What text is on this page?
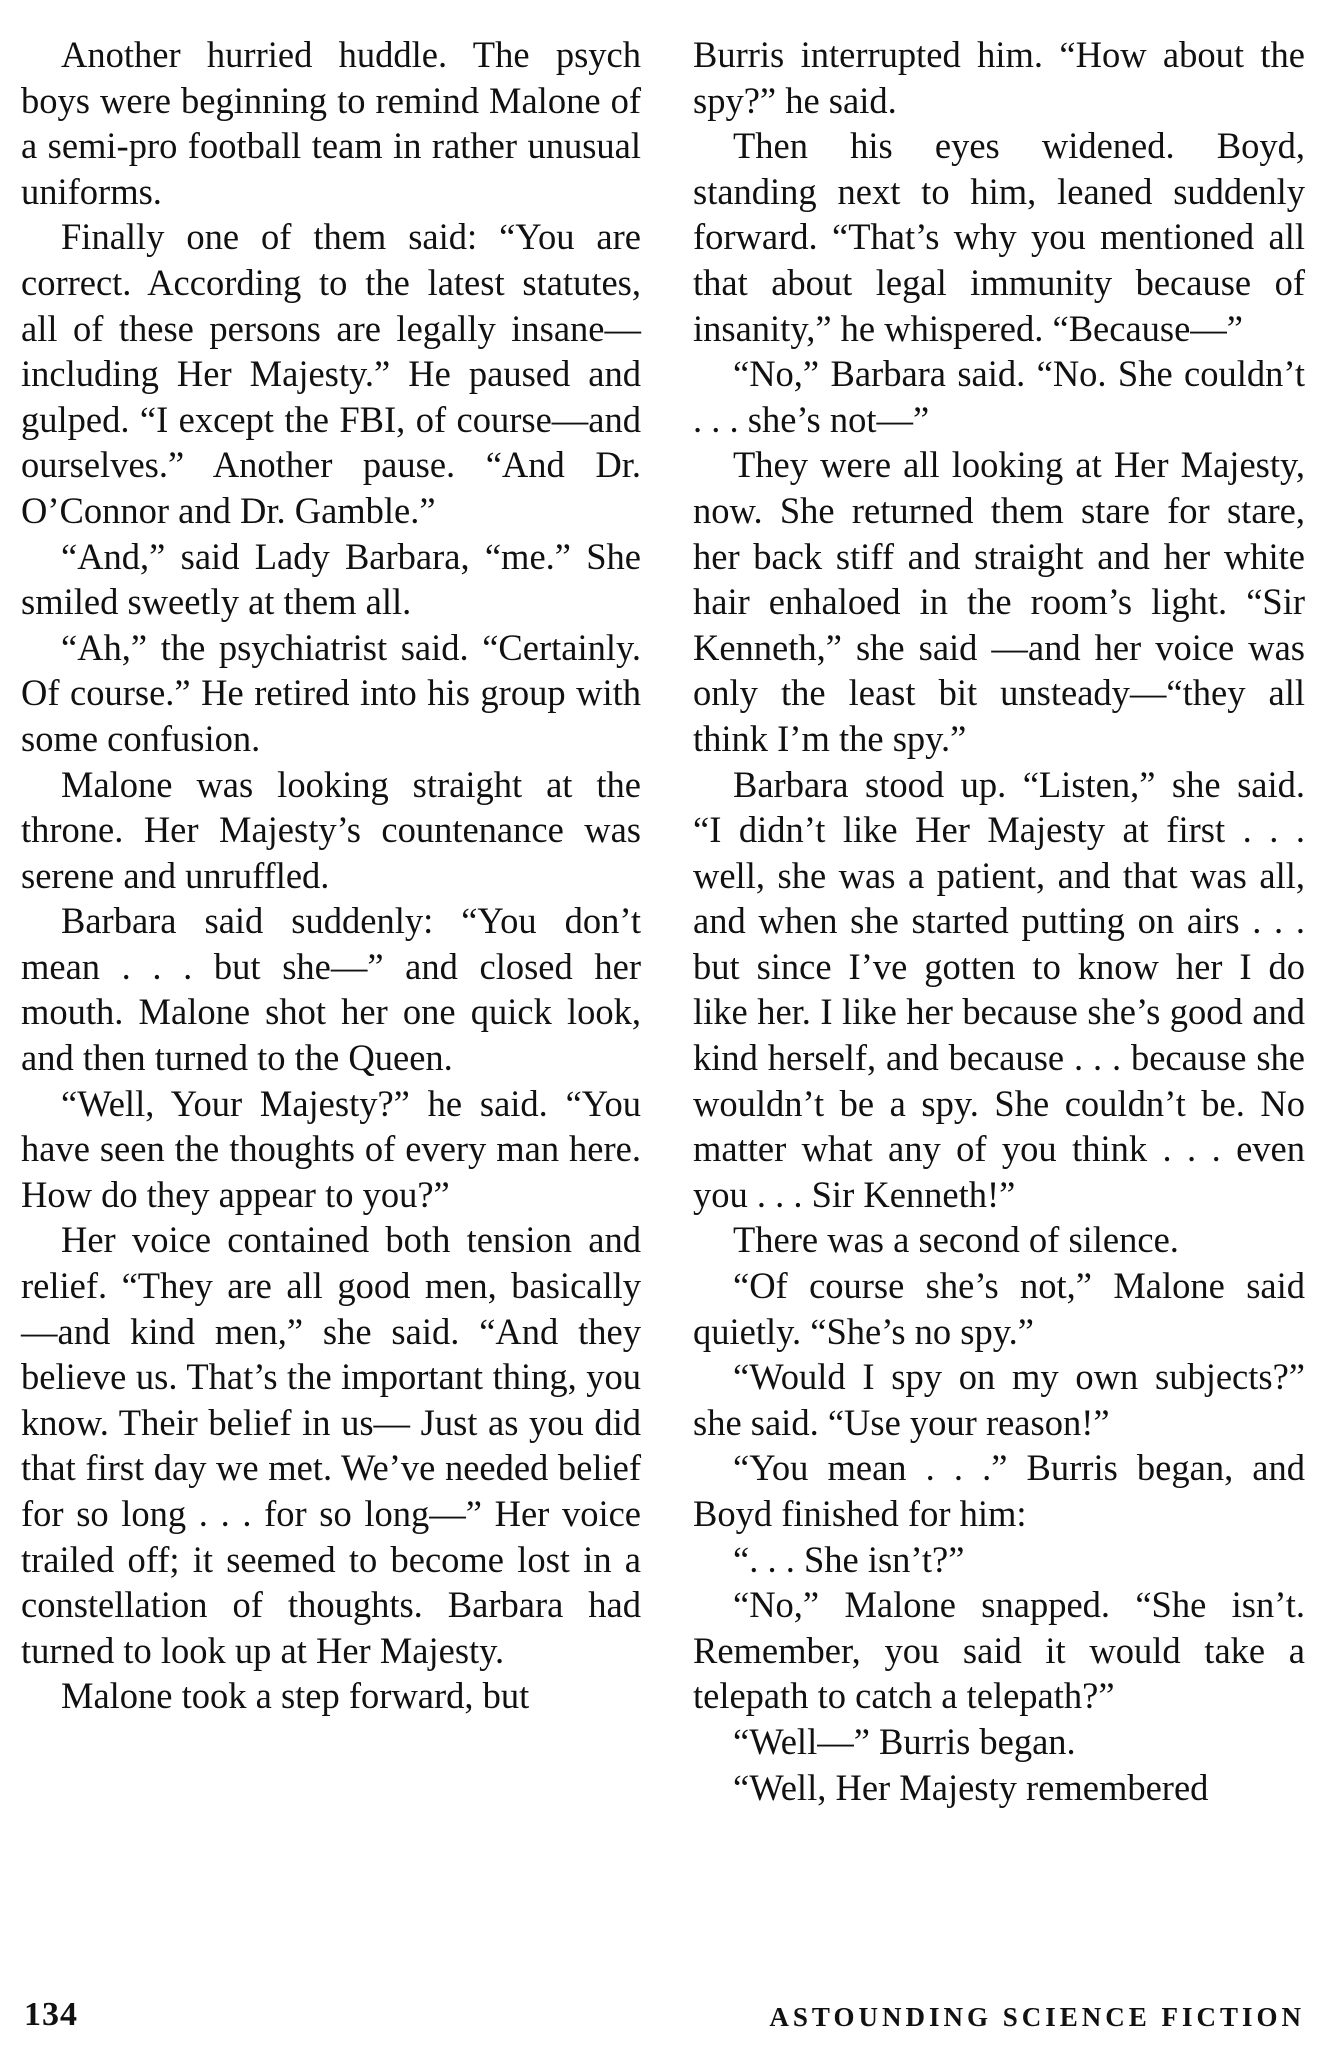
Another hurried huddle. The psych boys were beginning to remind Malone of a semi-pro football team in rather unusual uniforms.

Finally one of them said: “You are correct. According to the latest statutes, all of these persons are legally insane—including Her Majesty.” He paused and gulped. “I except the FBI, of course—and ourselves.” Another pause. “And Dr. O’Connor and Dr. Gamble.”

“And,” said Lady Barbara, “me.” She smiled sweetly at them all.

“Ah,” the psychiatrist said. “Certainly. Of course.” He retired into his group with some confusion.

Malone was looking straight at the throne. Her Majesty’s countenance was serene and unruffled.

Barbara said suddenly: “You don’t mean . . . but she—” and closed her mouth. Malone shot her one quick look, and then turned to the Queen.

“Well, Your Majesty?” he said. “You have seen the thoughts of every man here. How do they appear to you?”

Her voice contained both tension and relief. “They are all good men, basically—and kind men,” she said. “And they believe us. That’s the important thing, you know. Their belief in us— Just as you did that first day we met. We’ve needed belief for so long . . . for so long—” Her voice trailed off; it seemed to become lost in a constellation of thoughts. Barbara had turned to look up at Her Majesty.

Malone took a step forward, but

Burris interrupted him. “How about the spy?” he said.

Then his eyes widened. Boyd, standing next to him, leaned suddenly forward. “That’s why you mentioned all that about legal immunity because of insanity,” he whispered. “Because—”

“No,” Barbara said. “No. She couldn’t . . . she’s not—”

They were all looking at Her Majesty, now. She returned them stare for stare, her back stiff and straight and her white hair enhaloed in the room’s light. “Sir Kenneth,” she said —and her voice was only the least bit unsteady—“they all think I’m the spy.”

Barbara stood up. “Listen,” she said. “I didn’t like Her Majesty at first . . . well, she was a patient, and that was all, and when she started putting on airs . . . but since I’ve gotten to know her I do like her. I like her because she’s good and kind herself, and because . . . because she wouldn’t be a spy. She couldn’t be. No matter what any of you think . . . even you . . . Sir Kenneth!”

There was a second of silence.

“Of course she’s not,” Malone said quietly. “She’s no spy.”

“Would I spy on my own subjects?” she said. “Use your reason!”

“You mean . . .” Burris began, and Boyd finished for him:

“. . . She isn’t?”

“No,” Malone snapped. “She isn’t. Remember, you said it would take a telepath to catch a telepath?”

“Well—” Burris began.

“Well, Her Majesty remembered

134	ASTOUNDING SCIENCE FICTION
